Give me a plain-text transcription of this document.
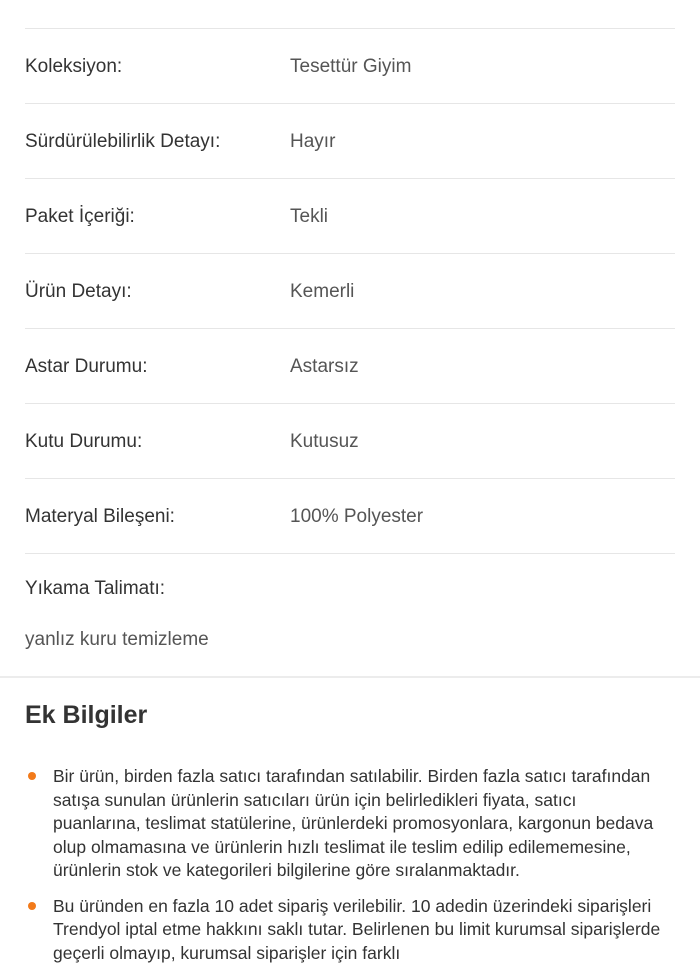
Koleksiyon:	Tesettür Giyim
Sürdürülebilirlik Detayı:	Hayır
Paket İçeriği:	Tekli
Ürün Detayı:	Kemerli
Astar Durumu:	Astarsız
Kutu Durumu:	Kutusuz
Materyal Bileşeni:	100% Polyester
Yıkama Talimatı:
yanlız kuru temizleme
Ek Bilgiler
Bir ürün, birden fazla satıcı tarafından satılabilir. Birden fazla satıcı tarafından satışa sunulan ürünlerin satıcıları ürün için belirledikleri fiyata, satıcı puanlarına, teslimat statülerine, ürünlerdeki promosyonlara, kargonun bedava olup olmamasına ve ürünlerin hızlı teslimat ile teslim edilip edilememesine, ürünlerin stok ve kategorileri bilgilerine göre sıralanmaktadır.
Bu üründen en fazla 10 adet sipariş verilebilir. 10 adedin üzerindeki siparişleri Trendyol iptal etme hakkını saklı tutar. Belirlenen bu limit kurumsal siparişlerde geçerli olmayıp, kurumsal siparişler için farklı
